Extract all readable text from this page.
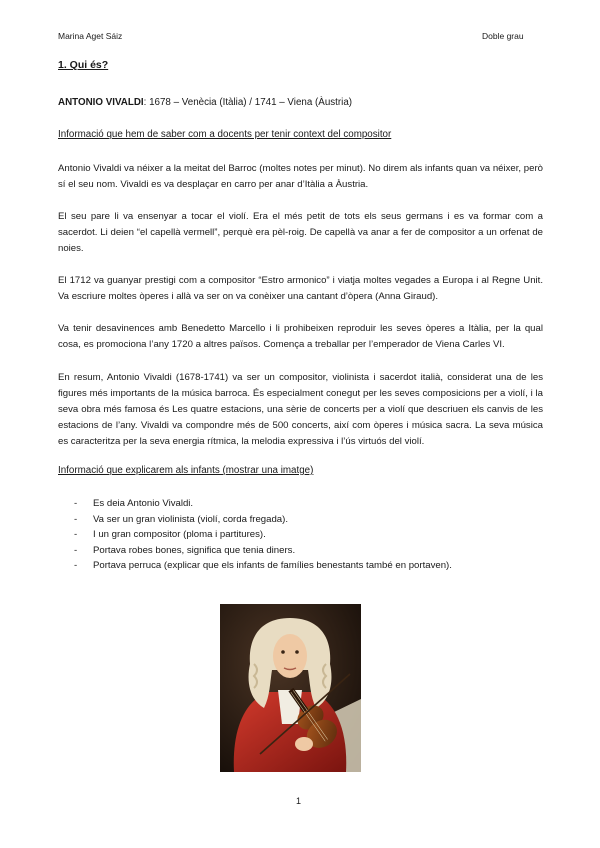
Marina Aget Sáiz	Doble grau
1. Qui és?
ANTONIO VIVALDI: 1678 – Venècia (Itàlia) / 1741 – Viena (Àustria)
Informació que hem de saber com a docents per tenir context del compositor
Antonio Vivaldi va néixer a la meitat del Barroc (moltes notes per minut). No direm als infants quan va néixer, però sí el seu nom. Vivaldi es va desplaçar en carro per anar d’Itàlia a Àustria.
El seu pare li va ensenyar a tocar el violí. Era el més petit de tots els seus germans i es va formar com a sacerdot. Li deien “el capellà vermell”, perquè era pèl-roig. De capellà va anar a fer de compositor a un orfenat de noies.
El 1712 va guanyar prestigi com a compositor “Estro armonico” i viatja moltes vegades a Europa i al Regne Unit. Va escriure moltes òperes i allà va ser on va conèixer una cantant d’òpera (Anna Giraud).
Va tenir desavinences amb Benedetto Marcello i li prohibeixen reproduir les seves òperes a Itàlia, per la qual cosa, es promociona l’any 1720 a altres països. Comença a treballar per l’emperador de Viena Carles VI.
En resum, Antonio Vivaldi (1678-1741) va ser un compositor, violinista i sacerdot italià, considerat una de les figures més importants de la música barroca. És especialment conegut per les seves composicions per a violí, i la seva obra més famosa és Les quatre estacions, una sèrie de concerts per a violí que descriuen els canvis de les estacions de l’any. Vivaldi va compondre més de 500 concerts, així com òperes i música sacra. La seva música es caracteritza per la seva energia rítmica, la melodia expressiva i l’ús virtuós del violí.
Informació que explicarem als infants (mostrar una imatge)
- Es deia Antonio Vivaldi.
- Va ser un gran violinista (violí, corda fregada).
- I un gran compositor (ploma i partitures).
- Portava robes bones, significa que tenia diners.
- Portava perruca (explicar que els infants de famílies benestants també en portaven).
1
